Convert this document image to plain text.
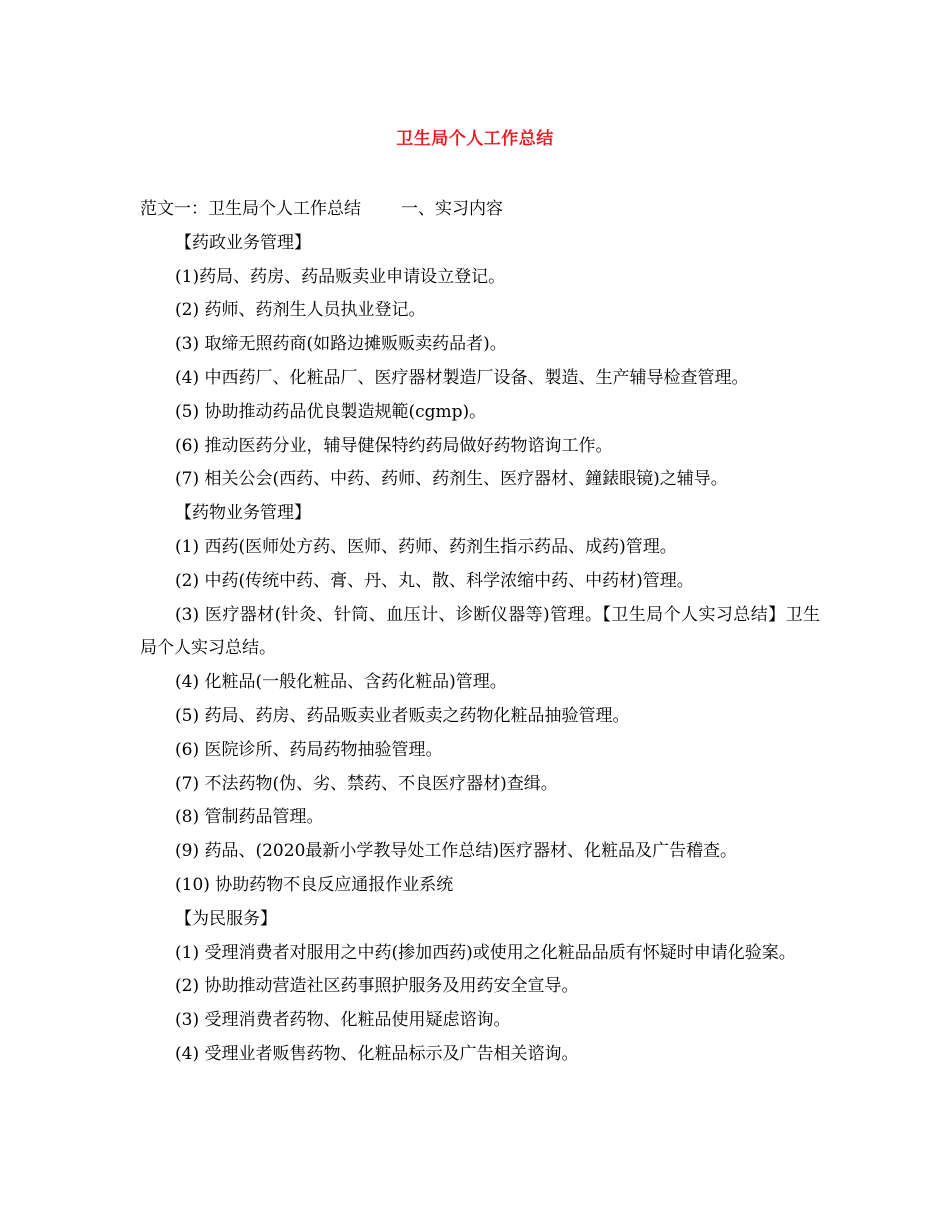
卫生局个人工作总结
范文一：卫生局个人工作总结 一、实习内容
【药政业务管理】
(1)药局、药房、药品贩卖业申请设立登记。
(2) 药师、药剂生人员执业登记。
(3) 取缔无照药商(如路边摊贩贩卖药品者)。
(4) 中西药厂、化粧品厂、医疗器材製造厂设备、製造、生产辅导检查管理。
(5) 协助推动药品优良製造规範(cgmp)。
(6) 推动医药分业，辅导健保特约药局做好药物谘询工作。
(7) 相关公会(西药、中药、药师、药剂生、医疗器材、鐘錶眼镜)之辅导。
【药物业务管理】
(1) 西药(医师处方药、医师、药师、药剂生指示药品、成药)管理。
(2) 中药(传统中药、膏、丹、丸、散、科学浓缩中药、中药材)管理。
(3) 医疗器材(针灸、针筒、血压计、诊断仪器等)管理。【卫生局个人实习总结】卫生局个人实习总结。
(4) 化粧品(一般化粧品、含药化粧品)管理。
(5) 药局、药房、药品贩卖业者贩卖之药物化粧品抽验管理。
(6) 医院诊所、药局药物抽验管理。
(7) 不法药物(伪、劣、禁药、不良医疗器材)查缉。
(8) 管制药品管理。
(9) 药品、(2020最新小学教导处工作总结)医疗器材、化粧品及广告稽查。
(10) 协助药物不良反应通报作业系统
【为民服务】
(1) 受理消费者对服用之中药(掺加西药)或使用之化粧品品质有怀疑时申请化验案。
(2) 协助推动营造社区药事照护服务及用药安全宣导。
(3) 受理消费者药物、化粧品使用疑虑谘询。
(4) 受理业者贩售药物、化粧品标示及广告相关谘询。
